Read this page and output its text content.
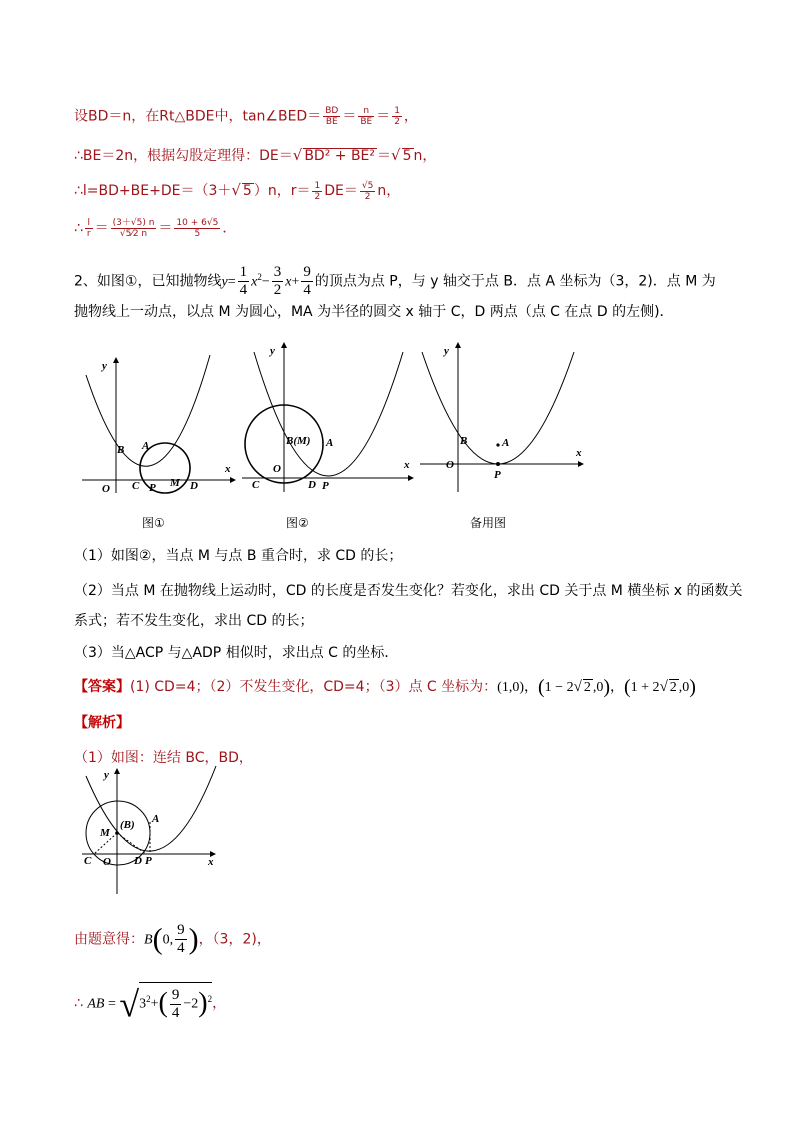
设BD＝n，在Rt△BDE中，tan∠BED＝ $\frac{BD}{BE} = \frac{n}{BE} = \frac{1}{2}$ ，
∴BE＝2n，根据勾股定理得：DE＝√ BD² + BE² ＝√ 5 n，
∴l=BD+BE+DE＝（3＋√ 5 ）n，$r= \frac{1}{2} DE= \frac{√5}{2}$ n，
∴ $\frac{l}{r} = \frac{(3+√5) n}{√5⁄2 n} = \frac{10 + 6√5}{5}$ ．
2、如图①，已知抛物线$y= \frac{1}{4} x^2- \frac{3}{2} x+ \frac{9}{4}$ 的顶点为点 P，与 y 轴交于点 B．点 A 坐标为（3，2)．点 M 为
抛物线上一动点，以点 M 为圆心，MA 为半径的圆交 x 轴于 C，D 两点（点 C 在点 D 的左侧)．
y
x
B A
O C P M D
图①
y
x
B(M) A
O
C	D P
图②
y
x
B	A
O
P
备用图
（1）如图②，当点 M 与点 B 重合时，求 CD 的长；
（2）当点 M 在抛物线上运动时，CD 的长度是否发生变化？若变化，求出 CD 关于点 M 横坐标 x 的函数关
系式；若不发生变化，求出 CD 的长；
（3）当△ACP 与△ADP 相似时，求出点 C 的坐标．
【答案】(1) CD=4；（2）不发生变化，CD=4；（3）点 C 坐标为：(1,0)，(1 − 2√ 2 ,0)，(1 + 2√ 2 ,0)
【解析】
（1）如图：连结 BC，BD，
y
x
M
(B) A
C O D P
由题意得：B(0, $\frac{9}{4}$ )，（3，2)，
∴ AB = $√3^2+( \frac{9}{4} -2)^2$，
